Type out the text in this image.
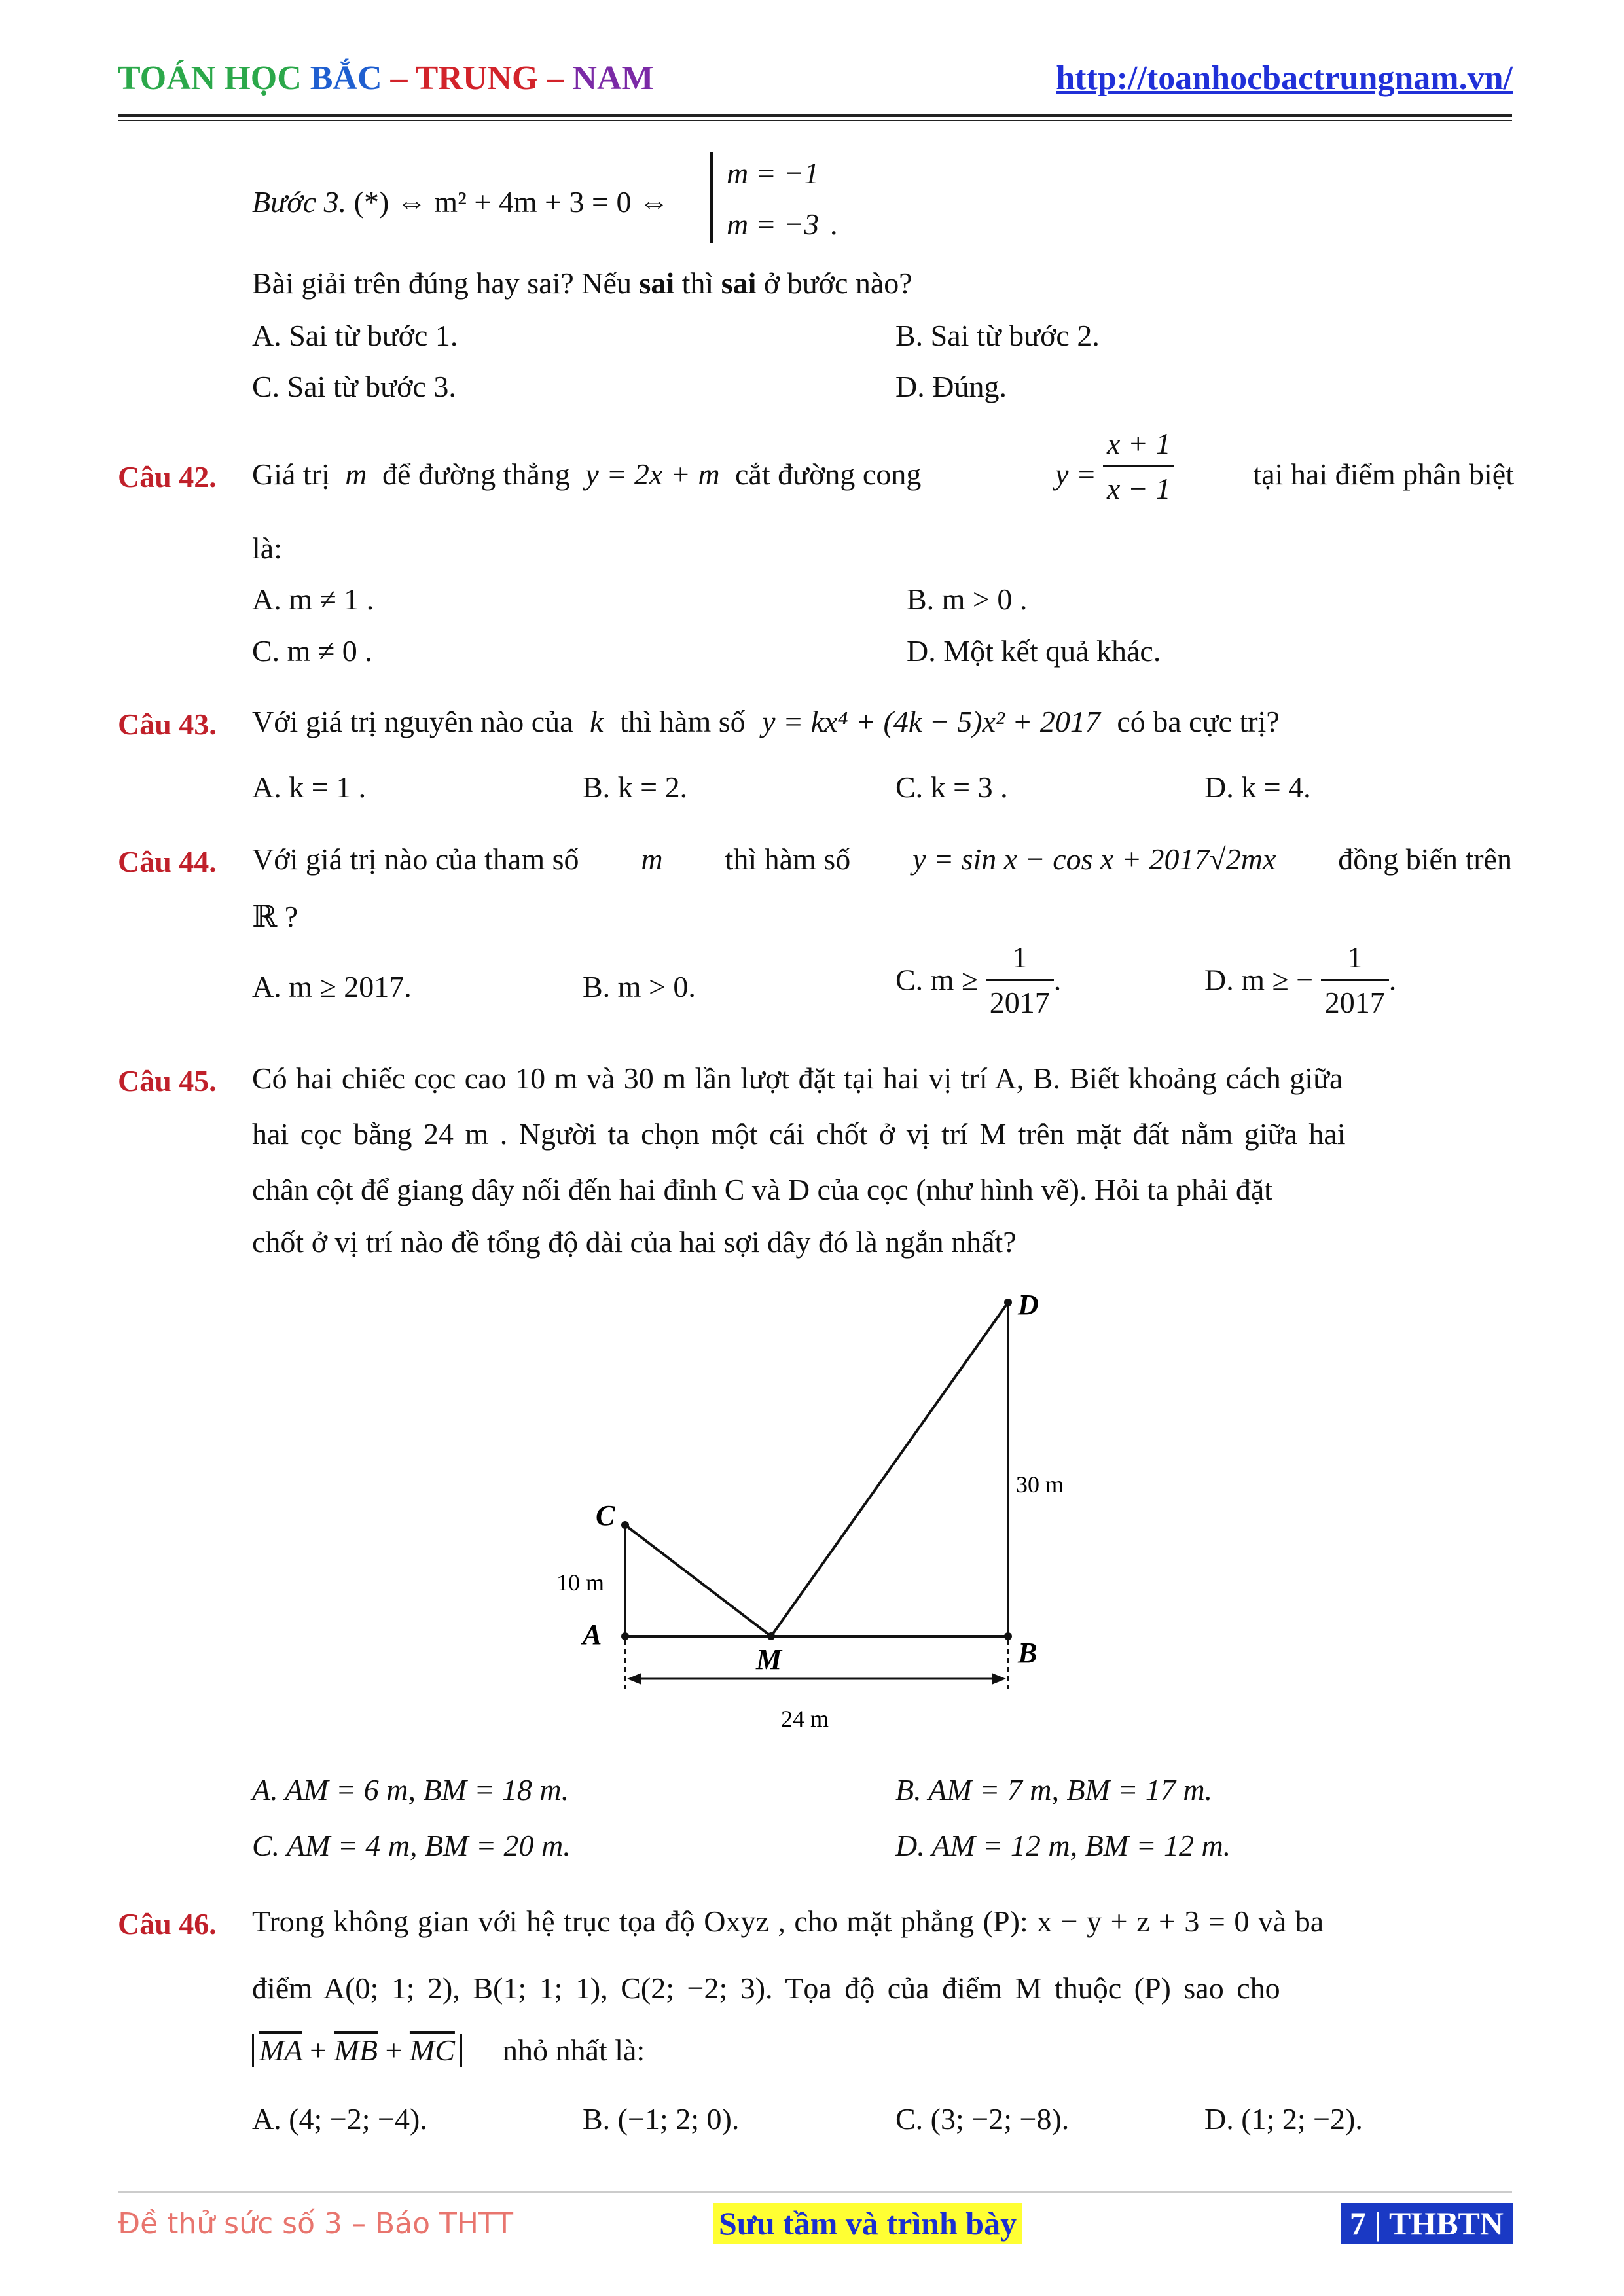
TOÁN HỌC BẮC – TRUNG – NAM	http://toanhocbactrungnam.vn/
Bước 3. (*) ⇔ m² + 4m + 3 = 0 ⇔
m = −1
m = −3 .
Bài giải trên đúng hay sai? Nếu sai thì sai ở bước nào?
A. Sai từ bước 1.	B. Sai từ bước 2.
C. Sai từ bước 3.	D. Đúng.
Câu 42. Giá trị m để đường thẳng y = 2x + m cắt đường cong	$y = \frac{x + 1}{x - 1}$	tại hai điểm phân biệt
là:
A. m ≠ 1 .	B. m > 0 .
C. m ≠ 0 .	D. Một kết quả khác.
Câu 43. Với giá trị nguyên nào của k thì hàm số y = kx⁴ + (4k − 5)x² + 2017 có ba cực trị?
A. k = 1 .	B. k = 2.	C. k = 3 .	D. k = 4.
Câu 44. Với giá trị nào của tham số m thì hàm số y = sin x − cos x + 2017√2mx đồng biến trên
ℝ ?
A. m ≥ 2017.	B. m > 0.	C. $m \ge \frac{1}{2017}$ .	D. m ≥ − $\frac{1}{2017}$ .
Câu 45. Có hai chiếc cọc cao 10 m và 30 m lần lượt đặt tại hai vị trí A, B. Biết khoảng cách giữa
hai cọc bằng 24 m . Người ta chọn một cái chốt ở vị trí M trên mặt đất nằm giữa hai
chân cột để giang dây nối đến hai đỉnh C và D của cọc (như hình vẽ). Hỏi ta phải đặt
chốt ở vị trí nào đề tổng độ dài của hai sợi dây đó là ngắn nhất?
D
C
A
B
M
30 m
10 m
24 m
A. AM = 6 m, BM = 18 m.	B. AM = 7 m, BM = 17 m.
C. AM = 4 m, BM = 20 m.	D. AM = 12 m, BM = 12 m.
Câu 46. Trong không gian với hệ trục tọa độ Oxyz , cho mặt phẳng (P): x − y + z + 3 = 0 và ba
điểm A(0; 1; 2), B(1; 1; 1), C(2; −2; 3). Tọa độ của điểm M thuộc (P) sao cho
$\overline{MA} + \overline{MB} + \overline{MC}$ nhỏ nhất là:
A. (4; −2; −4).	B. (−1; 2; 0).	C. (3; −2; −8).	D. (1; 2; −2).
Đề thử sức số 3 – Báo THTT	Sưu tầm và trình bày	7 | THBTN
